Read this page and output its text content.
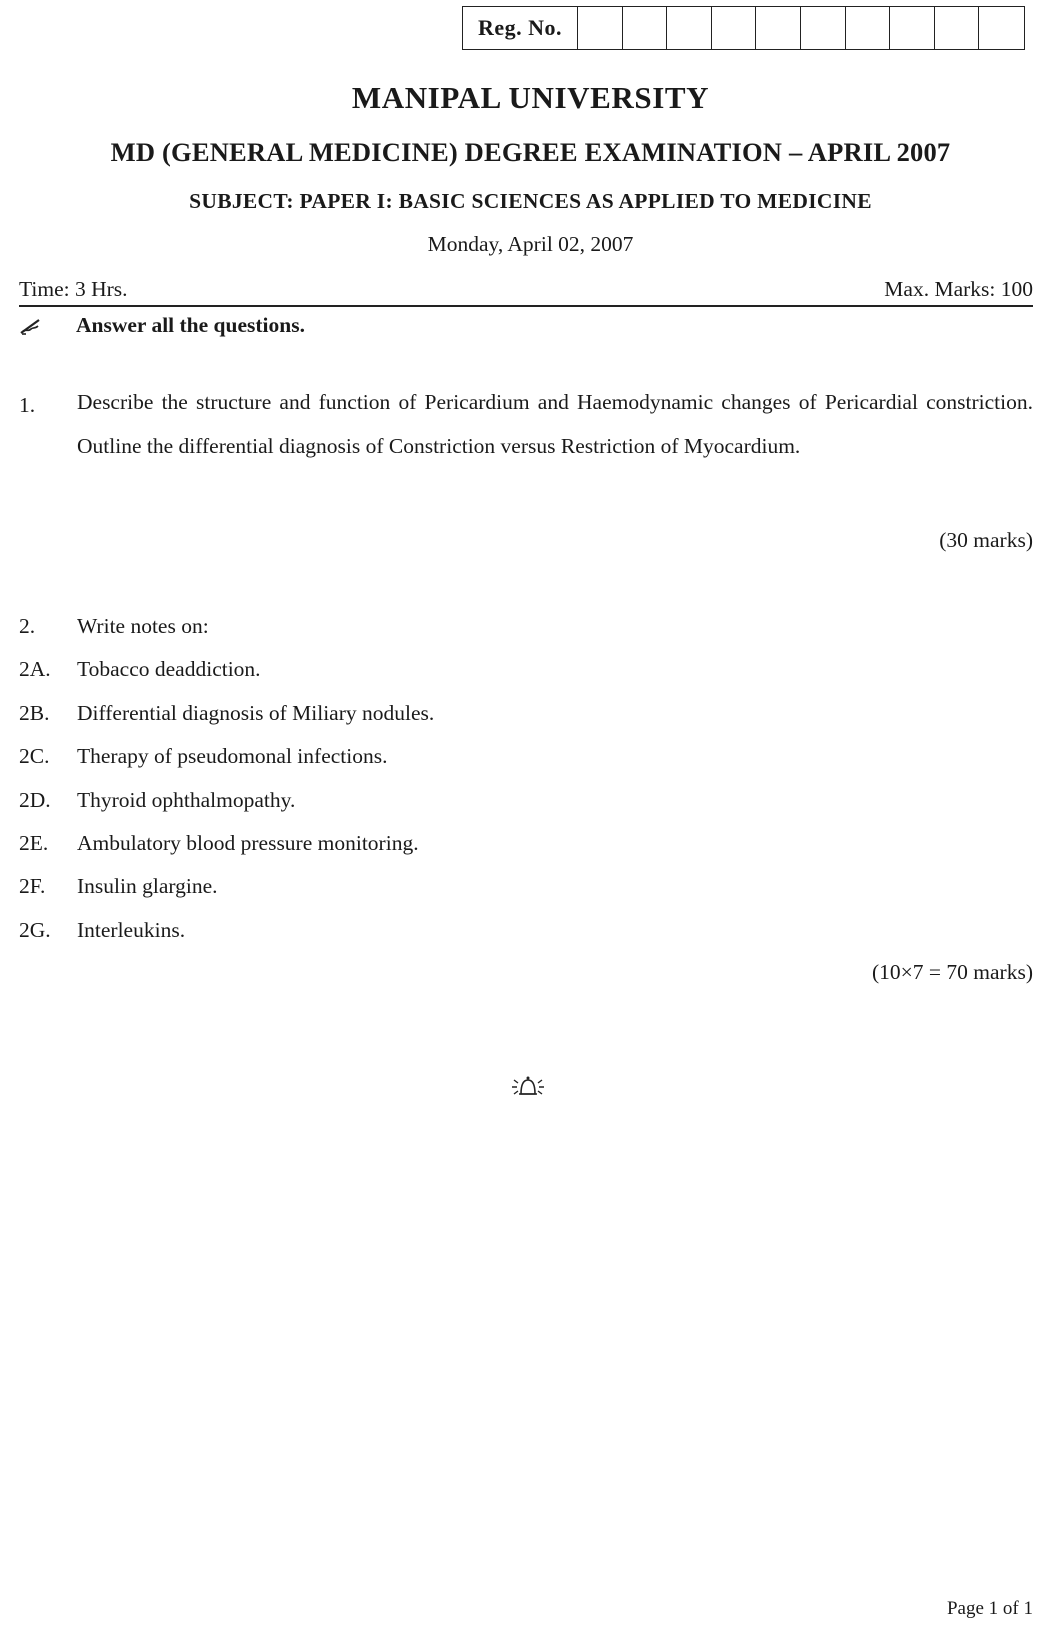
Reg. No.
MANIPAL UNIVERSITY
MD (GENERAL MEDICINE) DEGREE EXAMINATION – APRIL 2007
SUBJECT: PAPER I: BASIC SCIENCES AS APPLIED TO MEDICINE
Monday, April 02, 2007
Time: 3 Hrs.	Max. Marks: 100
Answer all the questions.
1.	Describe the structure and function of Pericardium and Haemodynamic changes of Pericardial constriction. Outline the differential diagnosis of Constriction versus Restriction of Myocardium.
(30 marks)
2.	Write notes on:
2A.	Tobacco deaddiction.
2B.	Differential diagnosis of Miliary nodules.
2C.	Therapy of pseudomonal infections.
2D.	Thyroid ophthalmopathy.
2E.	Ambulatory blood pressure monitoring.
2F.	Insulin glargine.
2G.	Interleukins.
(10×7 = 70 marks)
Page 1 of 1
